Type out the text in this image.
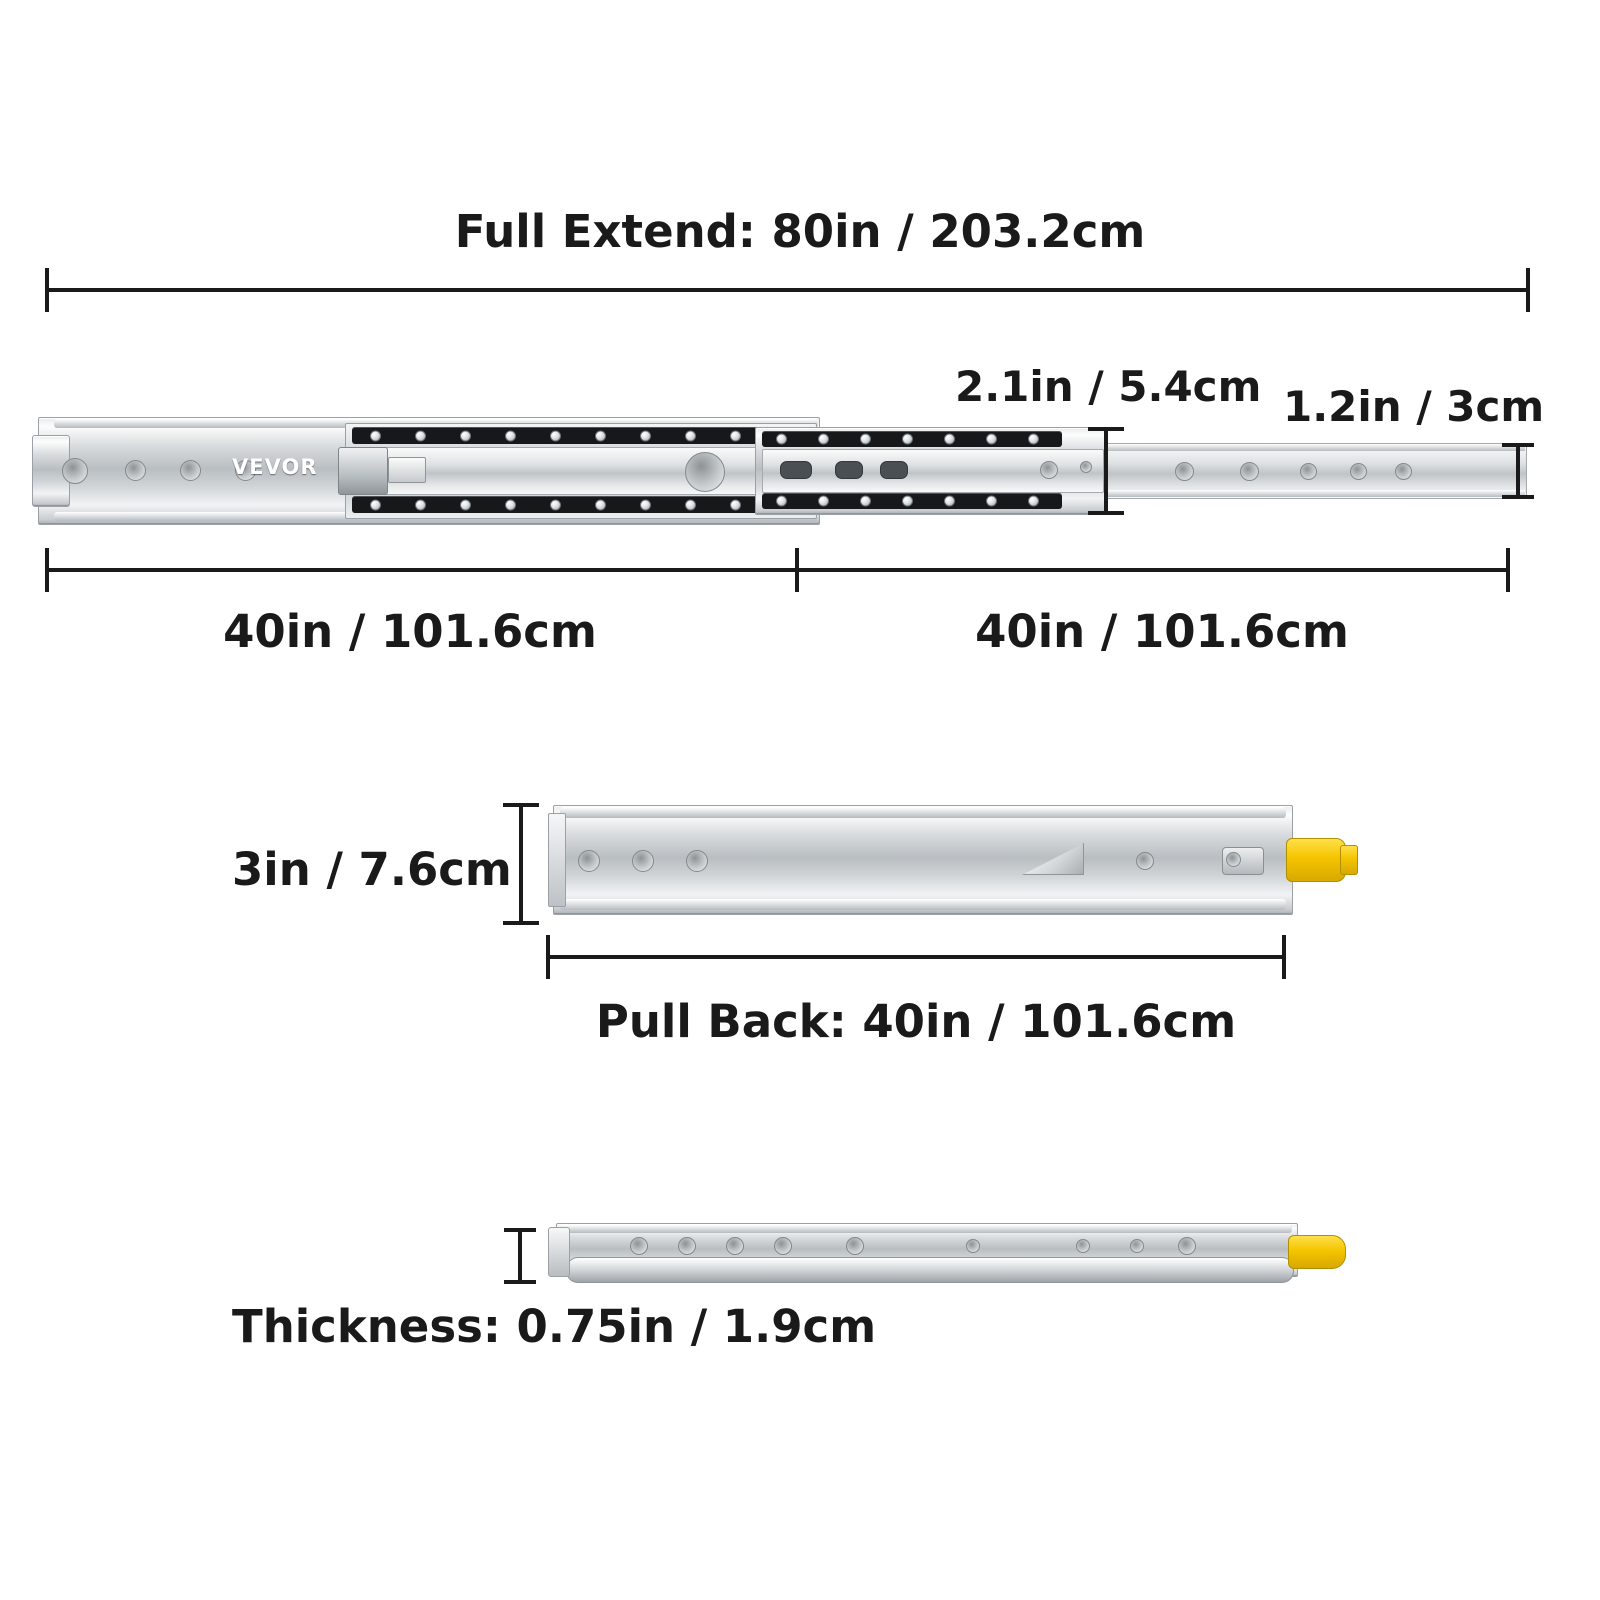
Full Extend: 80in / 203.2cm
VEVOR
2.1in / 5.4cm 1.2in / 3cm
40in / 101.6cm	40in / 101.6cm
3in / 7.6cm
Pull Back: 40in / 101.6cm
Thickness: 0.75in / 1.9cm
